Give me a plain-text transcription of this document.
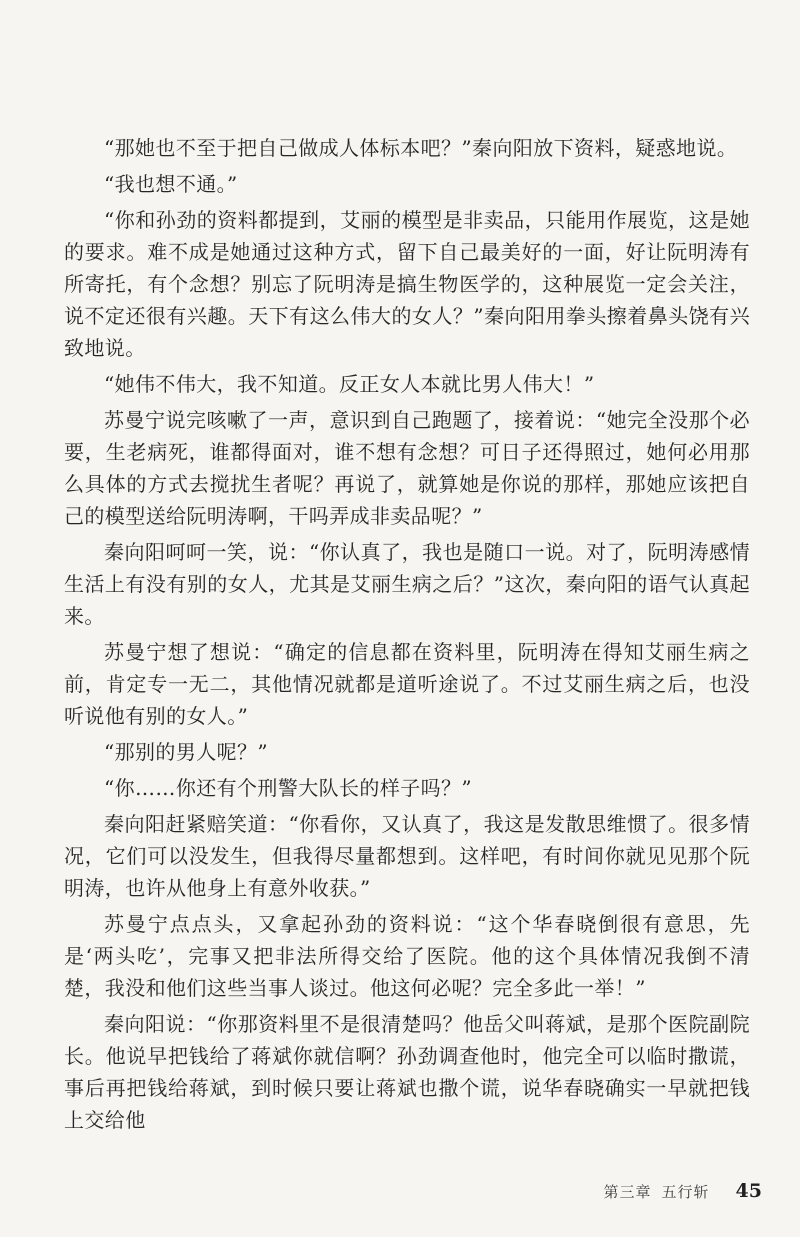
“那她也不至于把自己做成人体标本吧？”秦向阳放下资料，疑惑地说。

“我也想不通。”

“你和孙劲的资料都提到，艾丽的模型是非卖品，只能用作展览，这是她的要求。难不成是她通过这种方式，留下自己最美好的一面，好让阮明涛有所寄托，有个念想？别忘了阮明涛是搞生物医学的，这种展览一定会关注，说不定还很有兴趣。天下有这么伟大的女人？”秦向阳用拳头擦着鼻头饶有兴致地说。

“她伟不伟大，我不知道。反正女人本就比男人伟大！”

苏曼宁说完咳嗽了一声，意识到自己跑题了，接着说：“她完全没那个必要，生老病死，谁都得面对，谁不想有念想？可日子还得照过，她何必用那么具体的方式去搅扰生者呢？再说了，就算她是你说的那样，那她应该把自己的模型送给阮明涛啊，干吗弄成非卖品呢？”

秦向阳呵呵一笑，说：“你认真了，我也是随口一说。对了，阮明涛感情生活上有没有别的女人，尤其是艾丽生病之后？”这次，秦向阳的语气认真起来。

苏曼宁想了想说：“确定的信息都在资料里，阮明涛在得知艾丽生病之前，肯定专一无二，其他情况就都是道听途说了。不过艾丽生病之后，也没听说他有别的女人。”

“那别的男人呢？”

“你……你还有个刑警大队长的样子吗？”

秦向阳赶紧赔笑道：“你看你，又认真了，我这是发散思维惯了。很多情况，它们可以没发生，但我得尽量都想到。这样吧，有时间你就见见那个阮明涛，也许从他身上有意外收获。”

苏曼宁点点头，又拿起孙劲的资料说：“这个华春晓倒很有意思，先是‘两头吃’，完事又把非法所得交给了医院。他的这个具体情况我倒不清楚，我没和他们这些当事人谈过。他这何必呢？完全多此一举！”

秦向阳说：“你那资料里不是很清楚吗？他岳父叫蒋斌，是那个医院副院长。他说早把钱给了蒋斌你就信啊？孙劲调查他时，他完全可以临时撒谎，事后再把钱给蒋斌，到时候只要让蒋斌也撒个谎，说华春晓确实一早就把钱上交给他

第三章 五行斩 45
